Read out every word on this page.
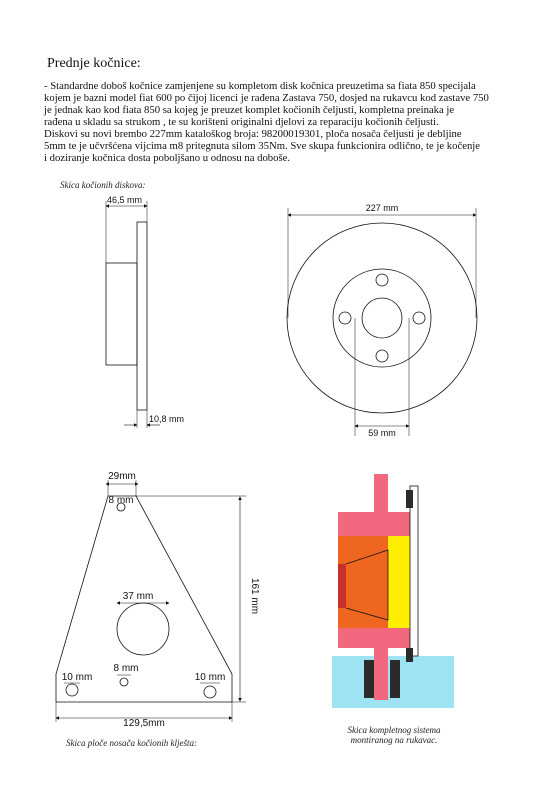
Prednje kočnice:
- Standardne doboš kočnice zamjenjene su kompletom disk kočnica preuzetima sa fiata 850 specijala
kojem je bazni model fiat 600 po čijoj licenci je rađena Zastava 750, dosjed na rukavcu kod zastave 750
je jednak kao kod fiata 850 sa kojeg je preuzet komplet kočionih čeljusti, kompletna preinaka je
rađena u skladu sa strukom , te su korišteni originalni djelovi za reparaciju kočionih čeljusti.
Diskovi su novi brembo 227mm kataloškog broja: 98200019301, ploča nosača čeljusti je debljine
5mm te je učvršćena vijcima m8 pritegnuta silom 35Nm. Sve skupa funkcionira odlično, te je kočenje
i doziranje kočnica dosta poboljšano u odnosu na doboše.
Skica kočionih diskova:
46,5 mm
10,8 mm
227 mm
59 mm
29mm
8 mm
161 mm
37 mm
10 mm
8 mm
10 mm
129,5mm
Skica ploče nosača kočionih klješta:
Skica kompletnog sistema
montiranog na rukavac.
